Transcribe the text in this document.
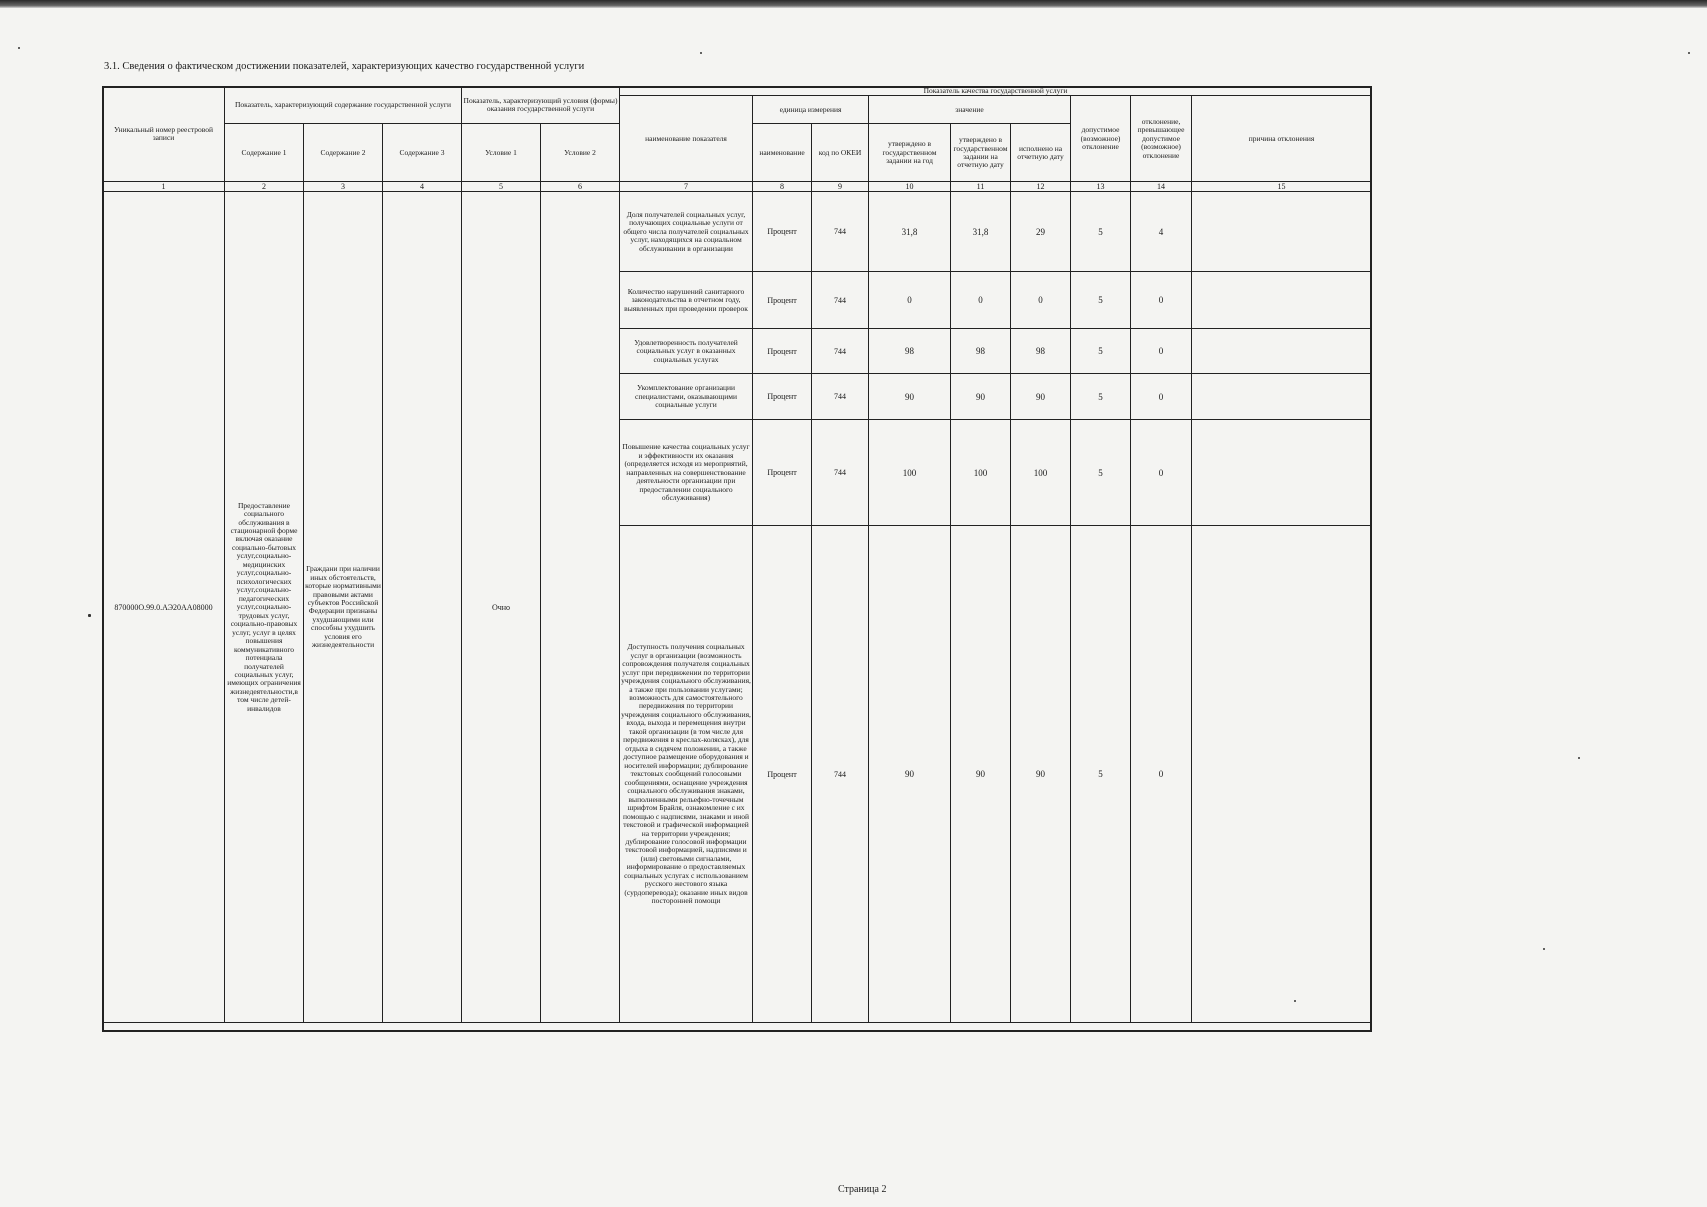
3.1. Сведения о фактическом достижении показателей, характеризующих качество государственной услуги
Уникальный номер реестровой записи	Показатель, характеризующий содержание государственной услуги			Показатель, характеризующий условия (формы) оказания государственной услуги		Показатель качества государственной услуги								
						наименование показателя	единица измерения		значение			допустимое (возможное) отклонение	отклонение, превышающее допустимое (возможное) отклонение	причина отклонения
	Содержание 1	Содержание 2	Содержание 3	Условие 1	Условие 2		наименование	код по ОКЕИ	утверждено в государственном задании на год	утверждено в государственном задании на отчетную дату	исполнено на отчетную дату			
1	2	3	4	5	6	7	8	9	10	11	12	13	14	15
870000О.99.0.АЭ20АА08000	Предоставление социального обслуживания в стационарной форме включая оказание социально-бытовых услуг,социально-медицинских услуг,социально-психологических услуг,социально-педагогических услуг,социально-трудовых услуг, социально-правовых услуг, услуг в целях повышения коммуникативного потенциала получателей социальных услуг, имеющих ограничения жизнедеятельности,в том числе детей-инвалидов	Граждани при наличии иных обстоятельств, которые нормативными правовыми актами субъектов Российской Федерации признаны ухудшающими или способны ухудшить условия его жизнедеятельности		Очно		Доля получателей социальных услуг, получающих социальные услуги от общего числа получателей социальных услуг, находящихся на социальном обслуживании в организации	Процент	744	31,8	31,8	29	5	4	
						Количество нарушений санитарного законодательства в отчетном году, выявленных при проведении проверок	Процент	744	0	0	0	5	0	
						Удовлетворенность получателей социальных услуг в оказанных социальных услугах	Процент	744	98	98	98	5	0	
						Укомплектование организации специалистами, оказывающими социальные услуги	Процент	744	90	90	90	5	0	
						Повышение качества социальных услуг и эффективности их оказания (определяется исходя из мероприятий, направленных на совершенствование деятельности организации при предоставлении социального обслуживания)	Процент	744	100	100	100	5	0	
						Доступность получения социальных услуг в организации (возможность сопровождения получателя социальных услуг при передвижении по территории учреждения социального обслуживания, а также при пользовании услугами; возможность для самостоятельного передвижения по территории учреждения социального обслуживания, входа, выхода и перемещения внутри такой организации (в том числе для передвижения в креслах-колясках), для отдыха в сидячем положении, а также доступное размещение оборудования и носителей информации; дублирование текстовых сообщений голосовыми сообщениями, оснащение учреждения социального обслуживания знаками, выполненными рельефно-точечным шрифтом Брайля, ознакомление с их помощью с надписями, знаками и иной текстовой и графической информацией на территории учреждения; дублирование голосовой информации текстовой информацией, надписями и (или) световыми сигналами, информирование о предоставляемых социальных услугах с использованием русского жестового языка (сурдоперевода); оказание иных видов посторонней помощи	Процент	744	90	90	90	5	0	
Страница 2
